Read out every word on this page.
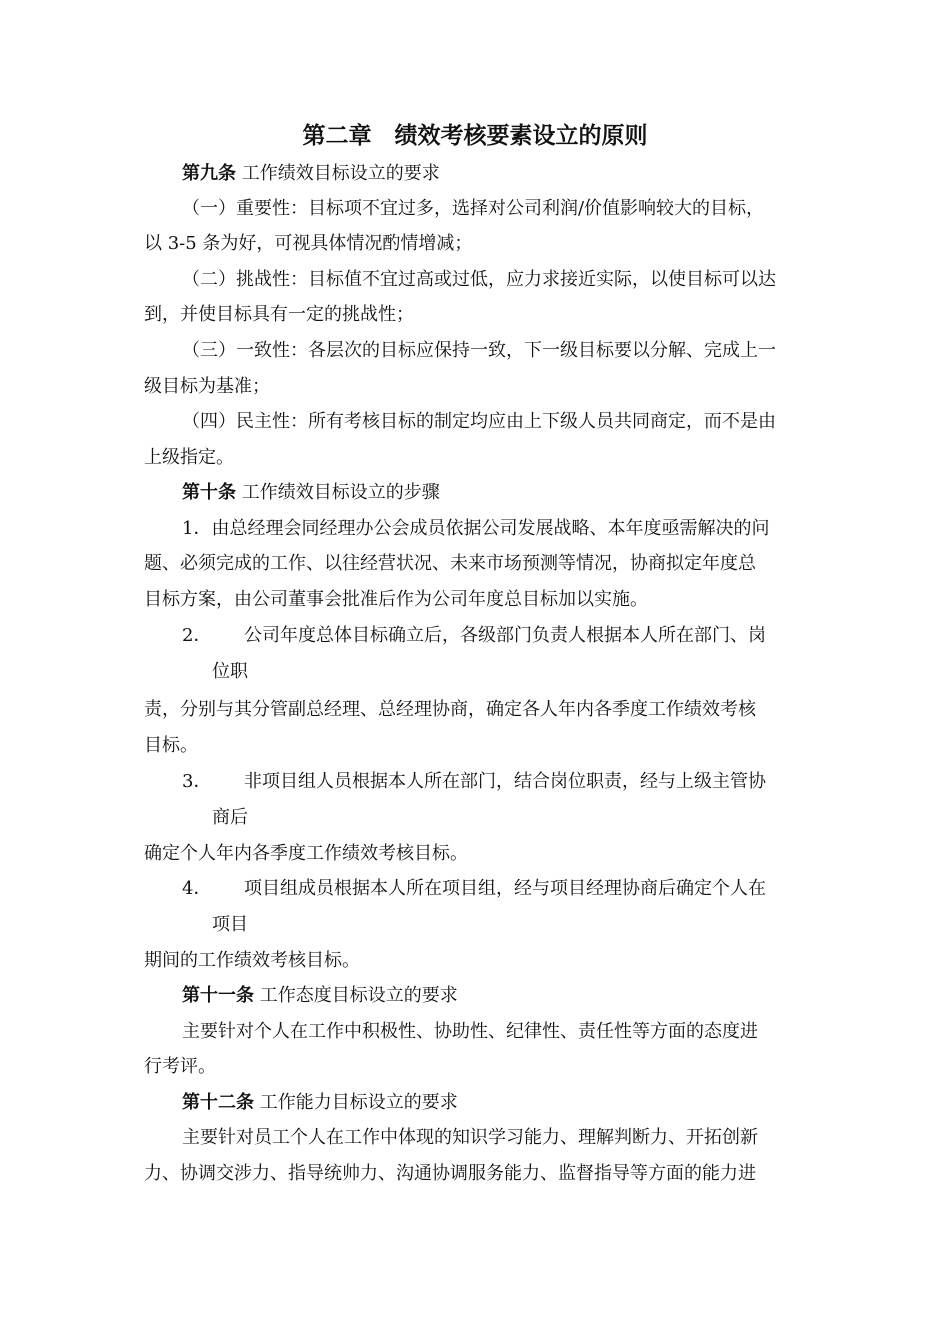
第二章　绩效考核要素设立的原则
第九条 工作绩效目标设立的要求
（一）重要性：目标项不宜过多，选择对公司利润/价值影响较大的目标，
以 3-5 条为好，可视具体情况酌情增减；
（二）挑战性：目标值不宜过高或过低，应力求接近实际，以使目标可以达
到，并使目标具有一定的挑战性；
（三）一致性：各层次的目标应保持一致，下一级目标要以分解、完成上一
级目标为基准；
（四）民主性：所有考核目标的制定均应由上下级人员共同商定，而不是由
上级指定。
第十条 工作绩效目标设立的步骤
1．由总经理会同经理办公会成员依据公司发展战略、本年度亟需解决的问
题、必须完成的工作、以往经营状况、未来市场预测等情况，协商拟定年度总
目标方案，由公司董事会批准后作为公司年度总目标加以实施。
2． 公司年度总体目标确立后，各级部门负责人根据本人所在部门、岗
位职
责，分别与其分管副总经理、总经理协商，确定各人年内各季度工作绩效考核
目标。
3． 非项目组人员根据本人所在部门，结合岗位职责，经与上级主管协
商后
确定个人年内各季度工作绩效考核目标。
4． 项目组成员根据本人所在项目组，经与项目经理协商后确定个人在
项目
期间的工作绩效考核目标。
第十一条 工作态度目标设立的要求
主要针对个人在工作中积极性、协助性、纪律性、责任性等方面的态度进
行考评。
第十二条 工作能力目标设立的要求
主要针对员工个人在工作中体现的知识学习能力、理解判断力、开拓创新
力、协调交涉力、指导统帅力、沟通协调服务能力、监督指导等方面的能力进
